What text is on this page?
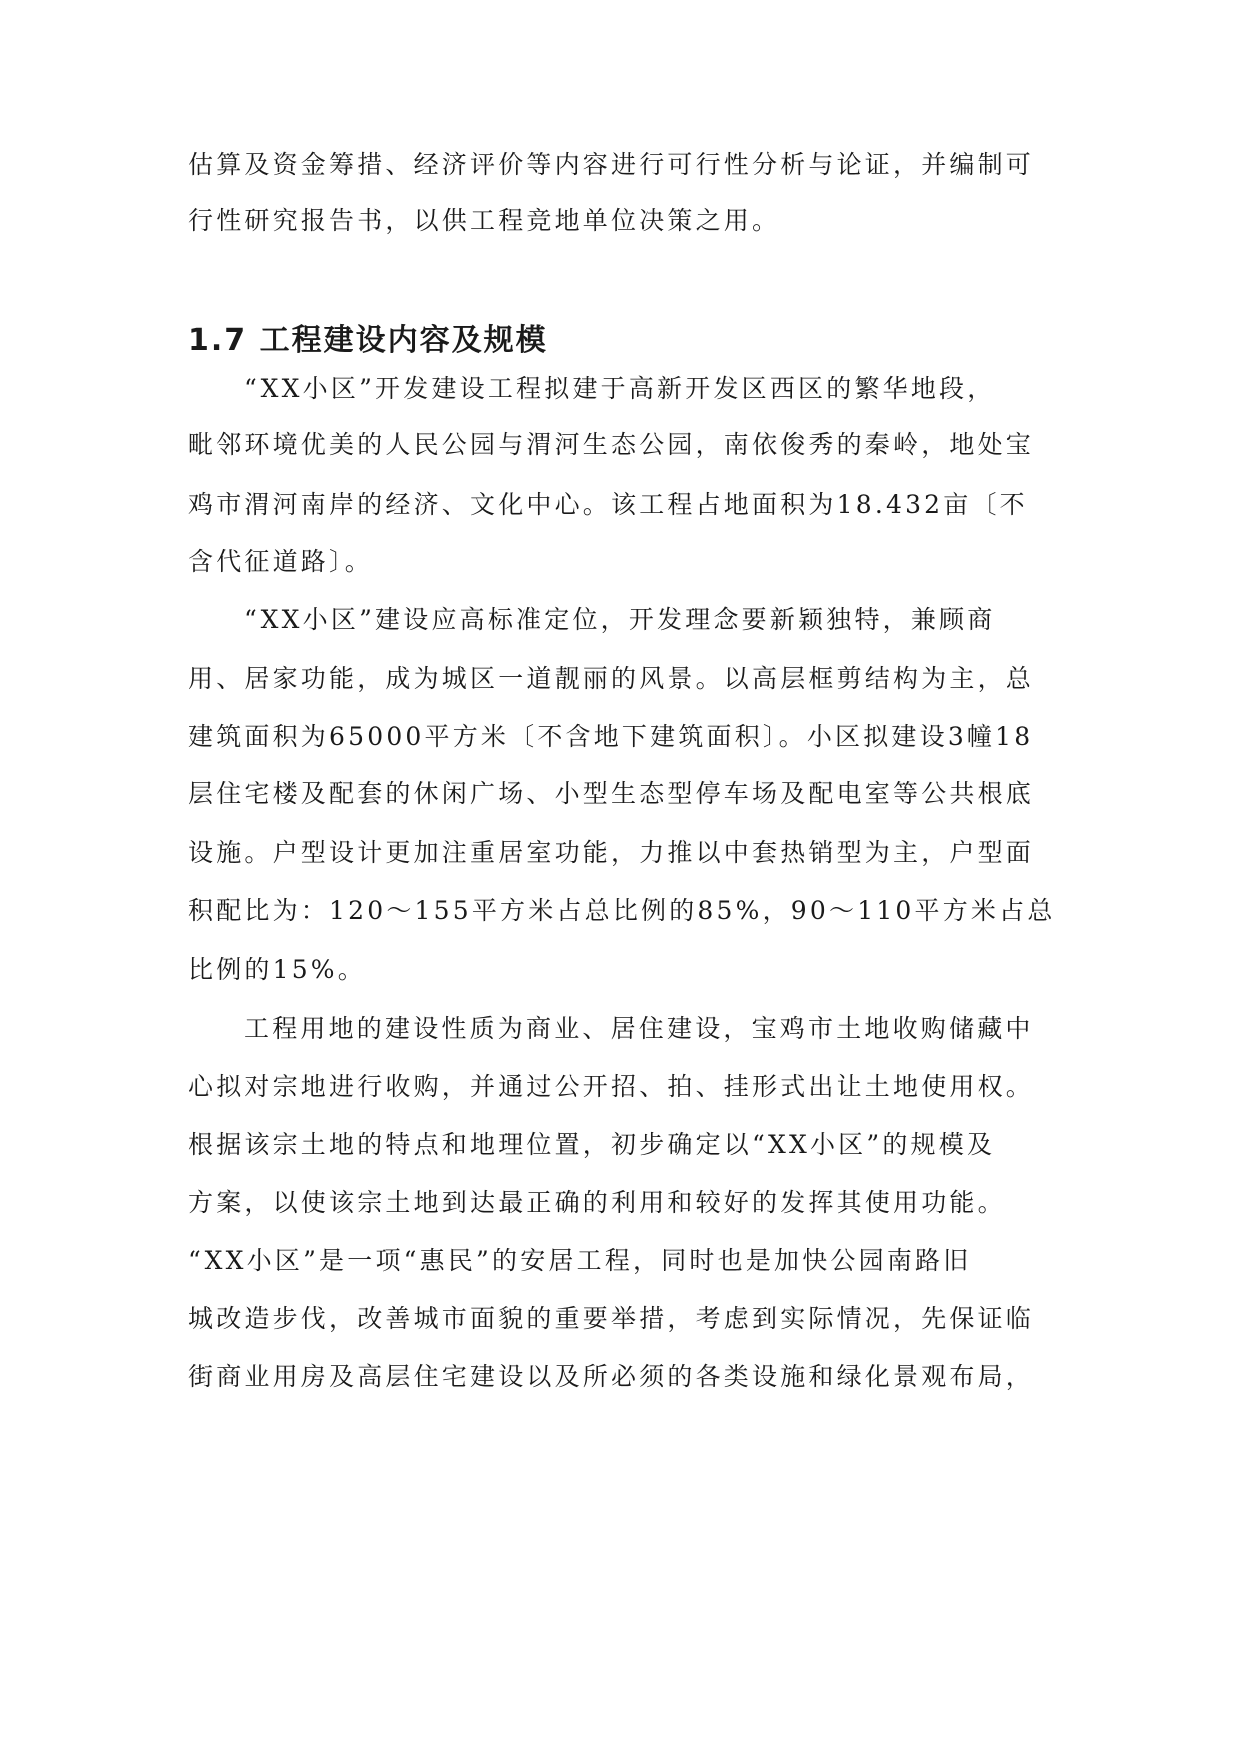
估算及资金筹措、经济评价等内容进行可行性分析与论证，并编制可
行性研究报告书，以供工程竞地单位决策之用。
1.7 工程建设内容及规模
“XX小区”开发建设工程拟建于高新开发区西区的繁华地段，
毗邻环境优美的人民公园与渭河生态公园，南依俊秀的秦岭，地处宝
鸡市渭河南岸的经济、文化中心。该工程占地面积为18.432亩〔不
含代征道路〕。
“XX小区”建设应高标准定位，开发理念要新颖独特，兼顾商
用、居家功能，成为城区一道靓丽的风景。以高层框剪结构为主，总
建筑面积为65000平方米〔不含地下建筑面积〕。小区拟建设3幢18
层住宅楼及配套的休闲广场、小型生态型停车场及配电室等公共根底
设施。户型设计更加注重居室功能，力推以中套热销型为主，户型面
积配比为：120～155平方米占总比例的85%，90～110平方米占总
比例的15%。
工程用地的建设性质为商业、居住建设，宝鸡市土地收购储藏中
心拟对宗地进行收购，并通过公开招、拍、挂形式出让土地使用权。
根据该宗土地的特点和地理位置，初步确定以“XX小区”的规模及
方案，以使该宗土地到达最正确的利用和较好的发挥其使用功能。
“XX小区”是一项“惠民”的安居工程，同时也是加快公园南路旧
城改造步伐，改善城市面貌的重要举措，考虑到实际情况，先保证临
街商业用房及高层住宅建设以及所必须的各类设施和绿化景观布局，
